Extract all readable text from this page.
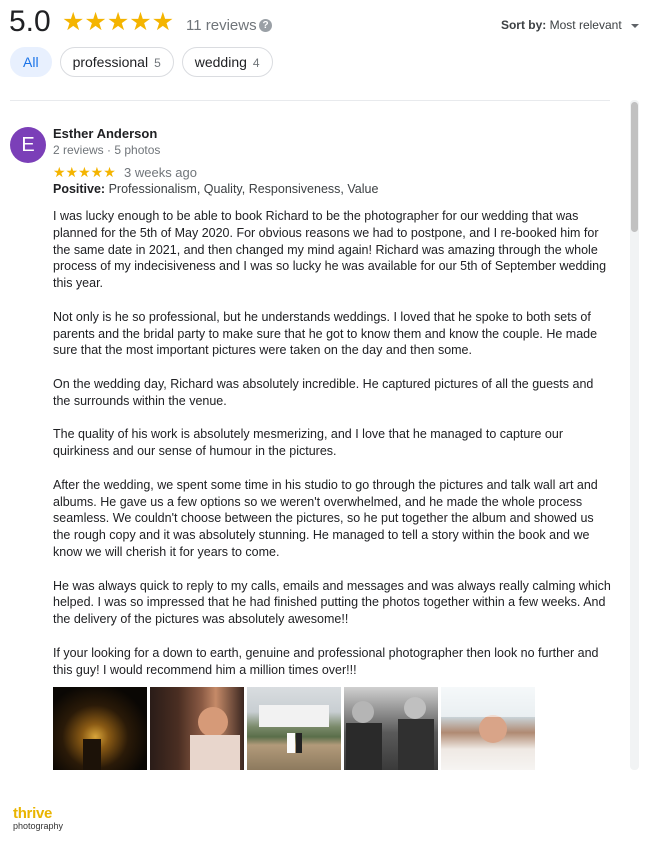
5.0 ★★★★★ 11 reviews ?	Sort by: Most relevant
All	professional 5	wedding 4
E
Esther Anderson
2 reviews · 5 photos
★★★★★ 3 weeks ago
Positive: Professionalism, Quality, Responsiveness, Value

I was lucky enough to be able to book Richard to be the photographer for our wedding that was planned for the 5th of May 2020. For obvious reasons we had to postpone, and I re-booked him for the same date in 2021, and then changed my mind again! Richard was amazing through the whole process of my indecisiveness and I was so lucky he was available for our 5th of September wedding this year.

Not only is he so professional, but he understands weddings. I loved that he spoke to both sets of parents and the bridal party to make sure that he got to know them and know the couple. He made sure that the most important pictures were taken on the day and then some.

On the wedding day, Richard was absolutely incredible. He captured pictures of all the guests and the surrounds within the venue.

The quality of his work is absolutely mesmerizing, and I love that he managed to capture our quirkiness and our sense of humour in the pictures.

After the wedding, we spent some time in his studio to go through the pictures and talk wall art and albums. He gave us a few options so we weren't overwhelmed, and he made the whole process seamless. We couldn't choose between the pictures, so he put together the album and showed us the rough copy and it was absolutely stunning. He managed to tell a story within the book and we know we will cherish it for years to come.

He was always quick to reply to my calls, emails and messages and was always really calming which helped. I was so impressed that he had finished putting the photos together within a few weeks. And the delivery of the pictures was absolutely awesome!!

If your looking for a down to earth, genuine and professional photographer then look no further and this guy! I would recommend him a million times over!!!

thrive
photography
